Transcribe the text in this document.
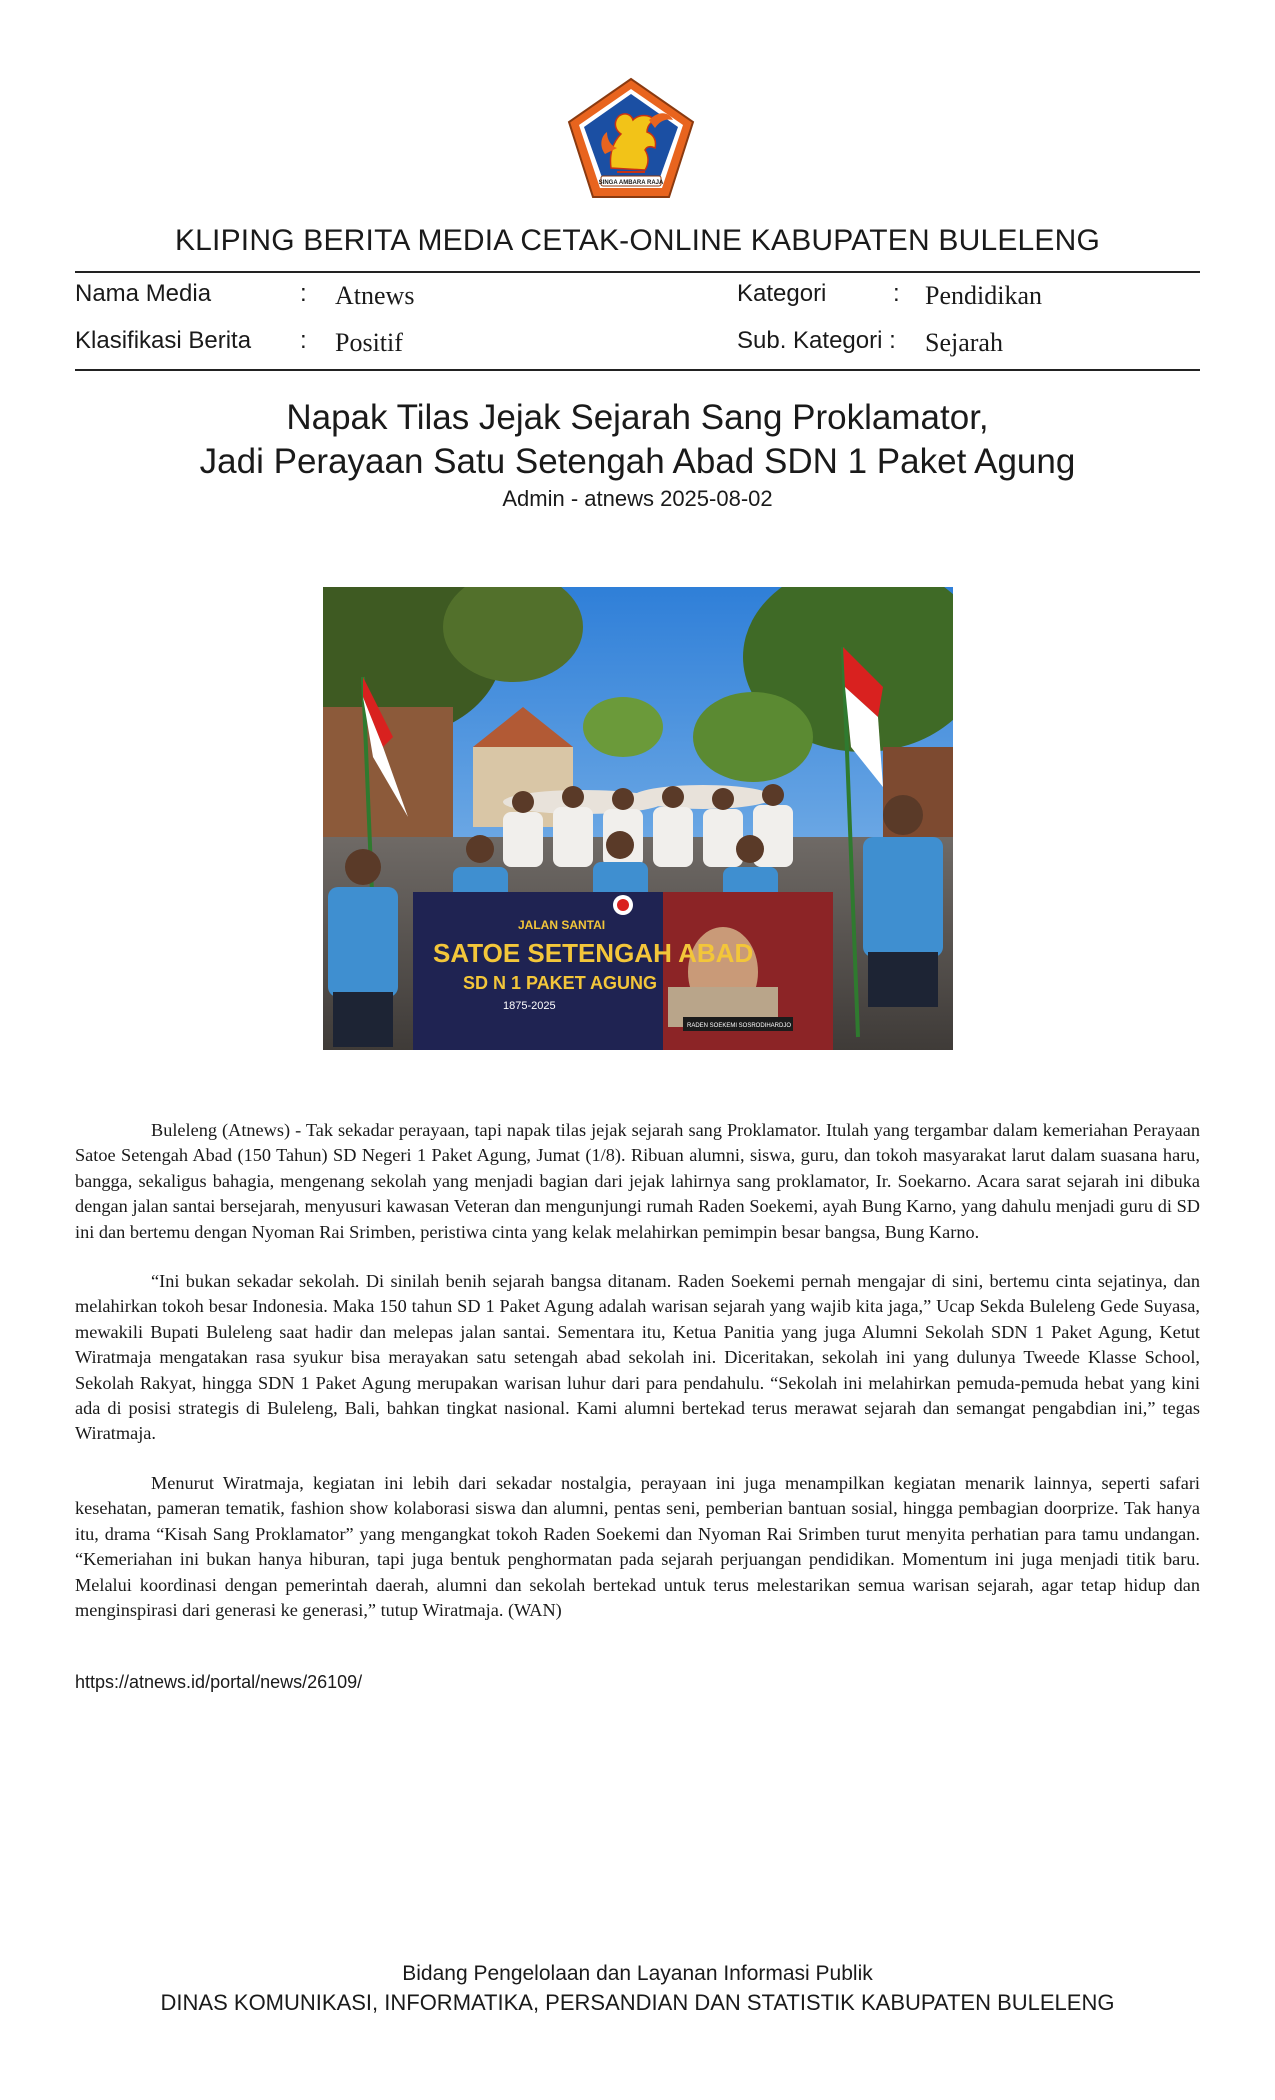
SINGA AMBARA RAJA
KLIPING BERITA MEDIA CETAK-ONLINE KABUPATEN BULELENG
Nama Media	: Atnews	Kategori	: Pendidikan
Klasifikasi Berita : Positif	Sub. Kategori : Sejarah
Napak Tilas Jejak Sejarah Sang Proklamator,
Jadi Perayaan Satu Setengah Abad SDN 1 Paket Agung
Admin - atnews 2025-08-02
JALAN SANTAI
SATOE SETENGAH ABAD
SD N 1 PAKET AGUNG
1875-2025
RADEN SOEKEMI SOSRODIHARDJO

Buleleng (Atnews) - Tak sekadar perayaan, tapi napak tilas jejak sejarah sang Proklamator. Itulah yang tergambar dalam kemeriahan Perayaan Satoe Setengah Abad (150 Tahun) SD Negeri 1 Paket Agung, Jumat (1/8). Ribuan alumni, siswa, guru, dan tokoh masyarakat larut dalam suasana haru, bangga, sekaligus bahagia, mengenang sekolah yang menjadi bagian dari jejak lahirnya sang proklamator, Ir. Soekarno. Acara sarat sejarah ini dibuka dengan jalan santai bersejarah, menyusuri kawasan Veteran dan mengunjungi rumah Raden Soekemi, ayah Bung Karno, yang dahulu menjadi guru di SD ini dan bertemu dengan Nyoman Rai Srimben, peristiwa cinta yang kelak melahirkan pemimpin besar bangsa, Bung Karno.

“Ini bukan sekadar sekolah. Di sinilah benih sejarah bangsa ditanam. Raden Soekemi pernah mengajar di sini, bertemu cinta sejatinya, dan melahirkan tokoh besar Indonesia. Maka 150 tahun SD 1 Paket Agung adalah warisan sejarah yang wajib kita jaga,” Ucap Sekda Buleleng Gede Suyasa, mewakili Bupati Buleleng saat hadir dan melepas jalan santai. Sementara itu, Ketua Panitia yang juga Alumni Sekolah SDN 1 Paket Agung, Ketut Wiratmaja mengatakan rasa syukur bisa merayakan satu setengah abad sekolah ini. Diceritakan, sekolah ini yang dulunya Tweede Klasse School, Sekolah Rakyat, hingga SDN 1 Paket Agung merupakan warisan luhur dari para pendahulu. “Sekolah ini melahirkan pemuda-pemuda hebat yang kini ada di posisi strategis di Buleleng, Bali, bahkan tingkat nasional. Kami alumni bertekad terus merawat sejarah dan semangat pengabdian ini,” tegas Wiratmaja.

Menurut Wiratmaja, kegiatan ini lebih dari sekadar nostalgia, perayaan ini juga menampilkan kegiatan menarik lainnya, seperti safari kesehatan, pameran tematik, fashion show kolaborasi siswa dan alumni, pentas seni, pemberian bantuan sosial, hingga pembagian doorprize. Tak hanya itu, drama “Kisah Sang Proklamator” yang mengangkat tokoh Raden Soekemi dan Nyoman Rai Srimben turut menyita perhatian para tamu undangan. “Kemeriahan ini bukan hanya hiburan, tapi juga bentuk penghormatan pada sejarah perjuangan pendidikan. Momentum ini juga menjadi titik baru. Melalui koordinasi dengan pemerintah daerah, alumni dan sekolah bertekad untuk terus melestarikan semua warisan sejarah, agar tetap hidup dan menginspirasi dari generasi ke generasi,” tutup Wiratmaja. (WAN)

https://atnews.id/portal/news/26109/
Bidang Pengelolaan dan Layanan Informasi Publik
DINAS KOMUNIKASI, INFORMATIKA, PERSANDIAN DAN STATISTIK KABUPATEN BULELENG
